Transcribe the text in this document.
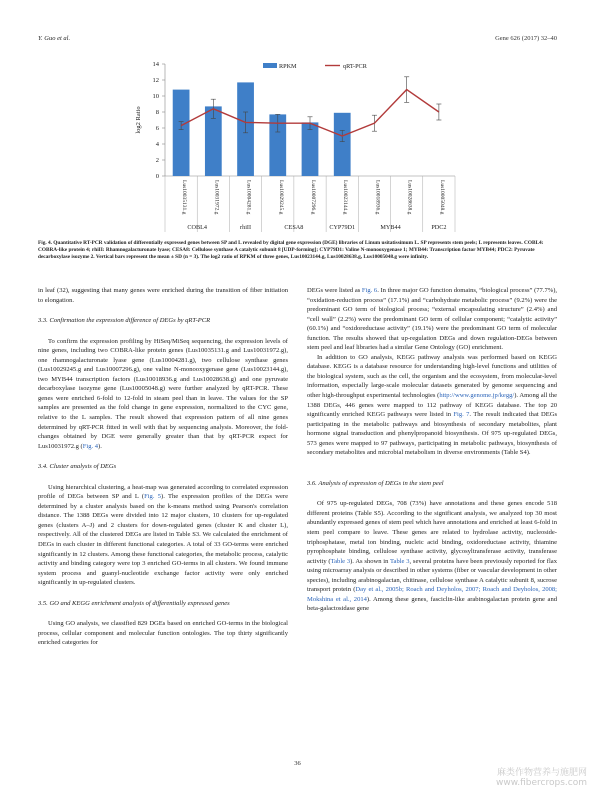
Y. Guo et al.	Gene 626 (2017) 32–40
0
2
4
6
8
10
12
14
log2 Ratio
Lus10035131.g	Lus10031972.g	Lus10004281.g	Lus10029245.g	Lus10007296.g	Lus10023144.g	Lus10018936.g	Lus10028638.g	Lus10005048.g
COBL4	rhiII	CESA8	CYP79D1	MYB44	PDC2
RPKM	qRT-PCR
Fig. 4. Quantitative RT-PCR validation of differentially expressed genes between SP and L revealed by digital gene expression (DGE) libraries of Linum usitatissimum L. SP represents stem peels; L represents leaves. COBL4: COBRA-like protein 4; rhiII: Rhamnogalacturonate lyase; CESA8: Cellulose synthase A catalytic subunit 8 [UDP-forming]; CYP79D1: Valine N-monooxygenase 1; MYB44: Transcription factor MYB44; PDC2: Pyruvate decarboxylase isozyme 2. Vertical bars represent the mean ± SD (n = 3). The log2 ratio of RPKM of three genes, Lus10023144.g, Lus10028638.g, Lus10005048.g were infinity.

in leaf (32), suggesting that many genes were enriched during the transition of fiber initiation to elongation.

3.3. Confirmation the expression difference of DEGs by qRT-PCR

To confirm the expression profiling by HiSeq/MiSeq sequencing, the expression levels of nine genes, including two COBRA-like protein genes (Lus10035131.g and Lus10031972.g), one rhamnogalacturonate lyase gene (Lus10004281.g), two cellulose synthase genes (Lus10029245.g and Lus10007296.g), one valine N-monooxygenase gene (Lus10023144.g), two MYB44 transcription factors (Lus10018936.g and Lus10028638.g) and one pyruvate decarboxylase isozyme gene (Lus10005048.g) were further analyzed by qRT-PCR. These genes were enriched 6-fold to 12-fold in steam peel than in leave. The values for the SP samples are presented as the fold change in gene expression, normalized to the CYC gene, relative to the L samples. The result showed that expression pattern of all nine genes determined by qRT-PCR fitted in well with that by sequencing analysis. Moreover, the fold-changes obtained by DGE were generally greater than that by qRT-PCR expect for Lus10031972.g (Fig. 4).

3.4. Cluster analysis of DEGs

Using hierarchical clustering, a heat-map was generated according to correlated expression profile of DEGs between SP and L (Fig. 5). The expression profiles of the DEGs were determined by a cluster analysis based on the k-means method using Pearson's correlation distance. The 1388 DEGs were divided into 12 major clusters, 10 clusters for up-regulated genes (clusters A–J) and 2 clusters for down-regulated genes (cluster K and cluster L), respectively. All of the clustered DEGs are listed in Table S3. We calculated the enrichment of DEGs in each cluster in different functional categories. A total of 33 GO-terms were enriched significantly in 12 clusters. Among these functional categories, the metabolic process, catalytic activity and binding category were top 3 enriched GO-terms in all clusters. We found immune system process and guanyl-nucleotide exchange factor activity were only enriched significantly in up-regulated clusters.

3.5. GO and KEGG enrichment analysis of differentially expressed genes

Using GO analysis, we classified 829 DGEs based on enriched GO-terms in the biological process, cellular component and molecular function ontologies. The top thirty significantly enriched categories for

DEGs were listed as Fig. 6. In three major GO function domains, “biological process” (77.7%), “oxidation-reduction process” (17.1%) and “carbohydrate metabolic process” (9.2%) were the predominant GO term of biological process; “external encapsulating structure” (2.4%) and “cell wall” (2.2%) were the predominant GO term of cellular component; “catalytic activity” (60.1%) and “oxidoreductase activity” (19.1%) were the predominant GO term of molecular function. The results showed that up-regulation DEGs and down regulation-DEGs between stem peel and leaf libraries had a similar Gene Ontology (GO) enrichment.

In addition to GO analysis, KEGG pathway analysis was performed based on KEGG database. KEGG is a database resource for understanding high-level functions and utilities of the biological system, such as the cell, the organism and the ecosystem, from molecular-level information, especially large-scale molecular datasets generated by genome sequencing and other high-throughput experimental technologies (http://www.genome.jp/kegg/). Among all the 1388 DEGs, 446 genes were mapped to 112 pathway of KEGG database. The top 20 significantly enriched KEGG pathways were listed in Fig. 7. The result indicated that DEGs participating in the metabolic pathways and biosynthesis of secondary metabolites, plant hormone signal transduction and phenylpropanoid biosynthesis. Of 975 up-regulated DEGs, 573 genes were mapped to 97 pathways, participating in metabolic pathways, biosynthesis of secondary metabolites and microbial metabolism in diverse environments (Table S4).

3.6. Analysis of expression of DEGs in the stem peel

Of 975 up-regulated DEGs, 708 (73%) have annotations and these genes encode 518 different proteins (Table S5). According to the significant analysis, we analyzed top 30 most abundantly expressed genes of stem peel which have annotations and enriched at least 6-fold in stem peel compare to leave. These genes are related to hydrolase activity, nucleoside-triphosphatase, metal ion binding, nucleic acid binding, oxidoreductase activity, thiamine pyrophosphate binding, cellulose synthase activity, glycosyltransferase activity, transferase activity (Table 3). As shown in Table 3, several proteins have been previously reported for flax using microarray analysis or described in other systems (fiber or vascular development in other species), including arabinogalactan, chitinase, cellulose synthase A catalytic subunit 8, sucrose transport protein (Day et al., 2005b; Roach and Deyholos, 2007; Roach and Deyholos, 2008; Mokshina et al., 2014). Among these genes, fasciclin-like arabinogalactan protein gene and beta-galactosidase gene

36
麻类作物营养与施肥网
www.fibercrops.com
